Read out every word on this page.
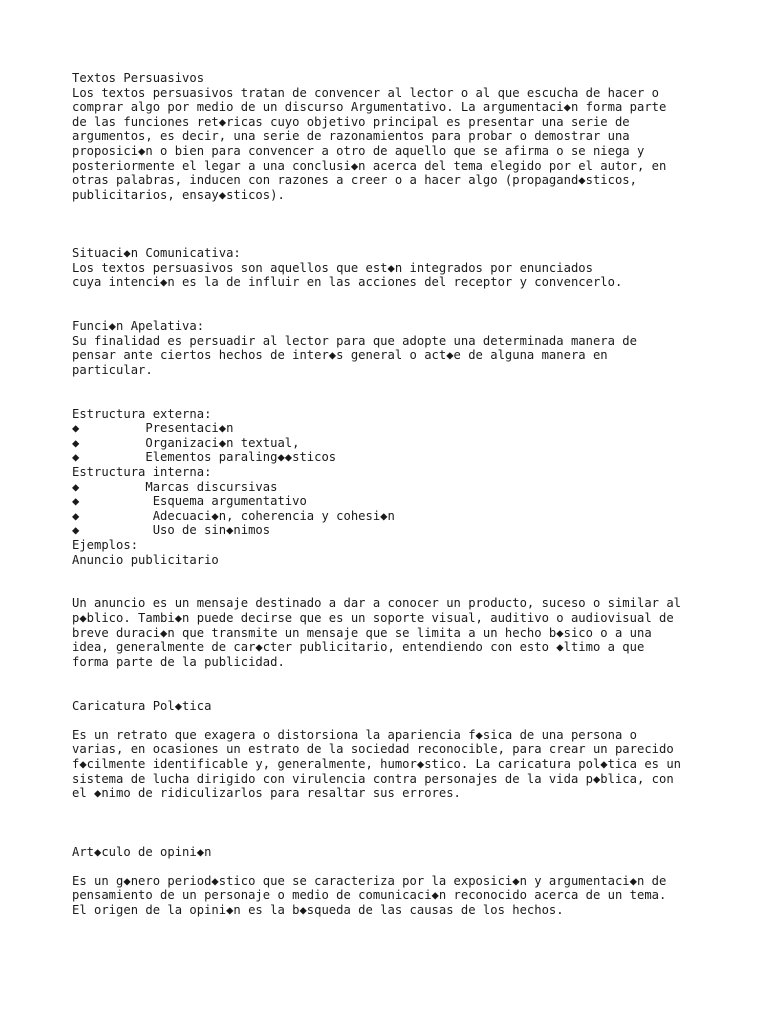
Textos Persuasivos
Los textos persuasivos tratan de convencer al lector o al que escucha de hacer o
comprar algo por medio de un discurso Argumentativo. La argumentaci◆n forma parte
de las funciones ret◆ricas cuyo objetivo principal es presentar una serie de
argumentos, es decir, una serie de razonamientos para probar o demostrar una
proposici◆n o bien para convencer a otro de aquello que se afirma o se niega y
posteriormente el legar a una conclusi◆n acerca del tema elegido por el autor, en
otras palabras, inducen con razones a creer o a hacer algo (propagand◆sticos,
publicitarios, ensay◆sticos).
Situaci◆n Comunicativa:
Los textos persuasivos son aquellos que est◆n integrados por enunciados
cuya intenci◆n es la de influir en las acciones del receptor y convencerlo.
Funci◆n Apelativa:
Su finalidad es persuadir al lector para que adopte una determinada manera de
pensar ante ciertos hechos de inter◆s general o act◆e de alguna manera en
particular.
Estructura externa:
◆         Presentaci◆n
◆         Organizaci◆n textual,
◆         Elementos paraling◆◆sticos
Estructura interna:
◆         Marcas discursivas
◆          Esquema argumentativo
◆          Adecuaci◆n, coherencia y cohesi◆n
◆          Uso de sin◆nimos
Ejemplos:
Anuncio publicitario
Un anuncio es un mensaje destinado a dar a conocer un producto, suceso o similar al
p◆blico. Tambi◆n puede decirse que es un soporte visual, auditivo o audiovisual de
breve duraci◆n que transmite un mensaje que se limita a un hecho b◆sico o a una
idea, generalmente de car◆cter publicitario, entendiendo con esto ◆ltimo a que
forma parte de la publicidad.
Caricatura Pol◆tica
Es un retrato que exagera o distorsiona la apariencia f◆sica de una persona o
varias, en ocasiones un estrato de la sociedad reconocible, para crear un parecido
f◆cilmente identificable y, generalmente, humor◆stico. La caricatura pol◆tica es un
sistema de lucha dirigido con virulencia contra personajes de la vida p◆blica, con
el ◆nimo de ridiculizarlos para resaltar sus errores.
Art◆culo de opini◆n
Es un g◆nero period◆stico que se caracteriza por la exposici◆n y argumentaci◆n de
pensamiento de un personaje o medio de comunicaci◆n reconocido acerca de un tema.
El origen de la opini◆n es la b◆squeda de las causas de los hechos.
